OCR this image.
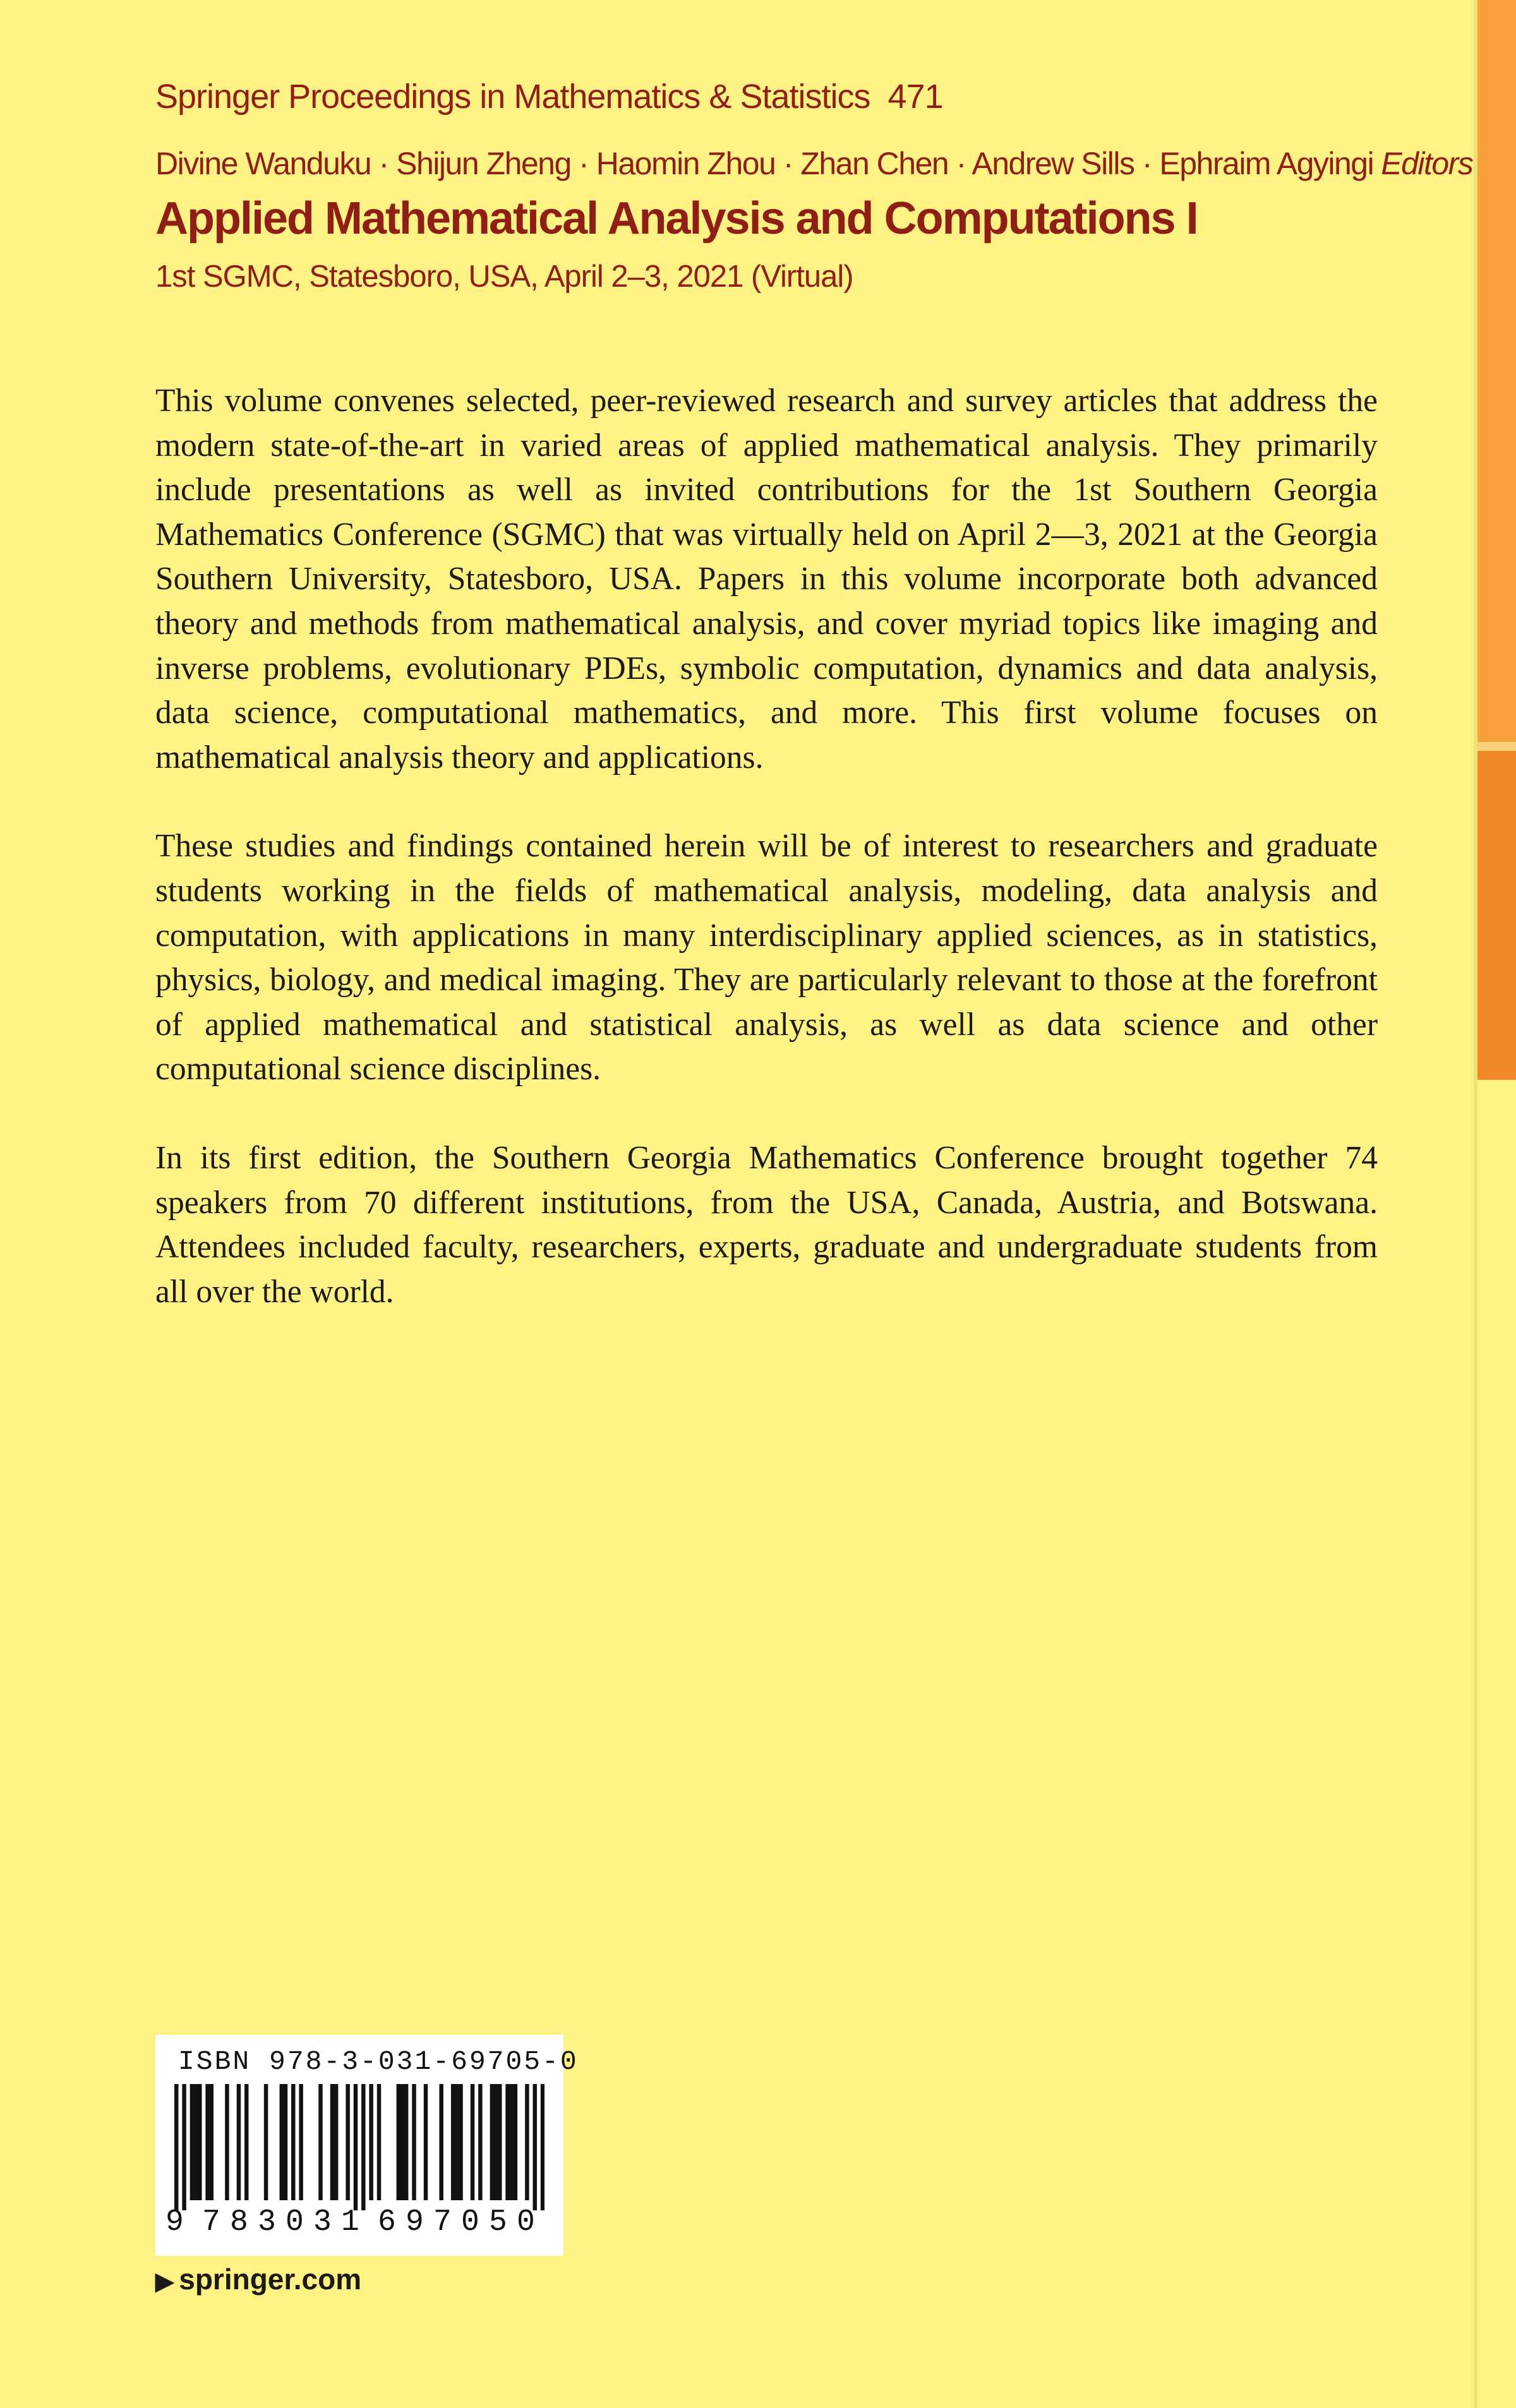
Springer Proceedings in Mathematics & Statistics 471
Divine Wanduku · Shijun Zheng · Haomin Zhou · Zhan Chen · Andrew Sills · Ephraim Agyingi Editors
Applied Mathematical Analysis and Computations I
1st SGMC, Statesboro, USA, April 2–3, 2021 (Virtual)

This volume convenes selected, peer-reviewed research and survey articles that address the modern state-of-the-art in varied areas of applied mathematical analysis. They primarily include presentations as well as invited contributions for the 1st Southern Georgia Mathematics Conference (SGMC) that was virtually held on April 2—3, 2021 at the Georgia Southern University, Statesboro, USA. Papers in this volume incorporate both advanced theory and methods from mathematical analysis, and cover myriad topics like imaging and inverse problems, evolutionary PDEs, symbolic computation, dynamics and data analysis, data science, computational mathematics, and more. This first volume focuses on mathematical analysis theory and applications.

These studies and findings contained herein will be of interest to researchers and graduate students working in the fields of mathematical analysis, modeling, data analysis and computation, with applications in many interdisciplinary applied sciences, as in statistics, physics, biology, and medical imaging. They are particularly relevant to those at the forefront of applied mathematical and statistical analysis, as well as data science and other computational science disciplines.

In its first edition, the Southern Georgia Mathematics Conference brought together 74 speakers from 70 different institutions, from the USA, Canada, Austria, and Botswana. Attendees included faculty, researchers, experts, graduate and undergraduate students from all over the world.

ISBN 978-3-031-69705-0
9 7 8 3 0 3 1 6 9 7 0 5 0
▶ springer.com
